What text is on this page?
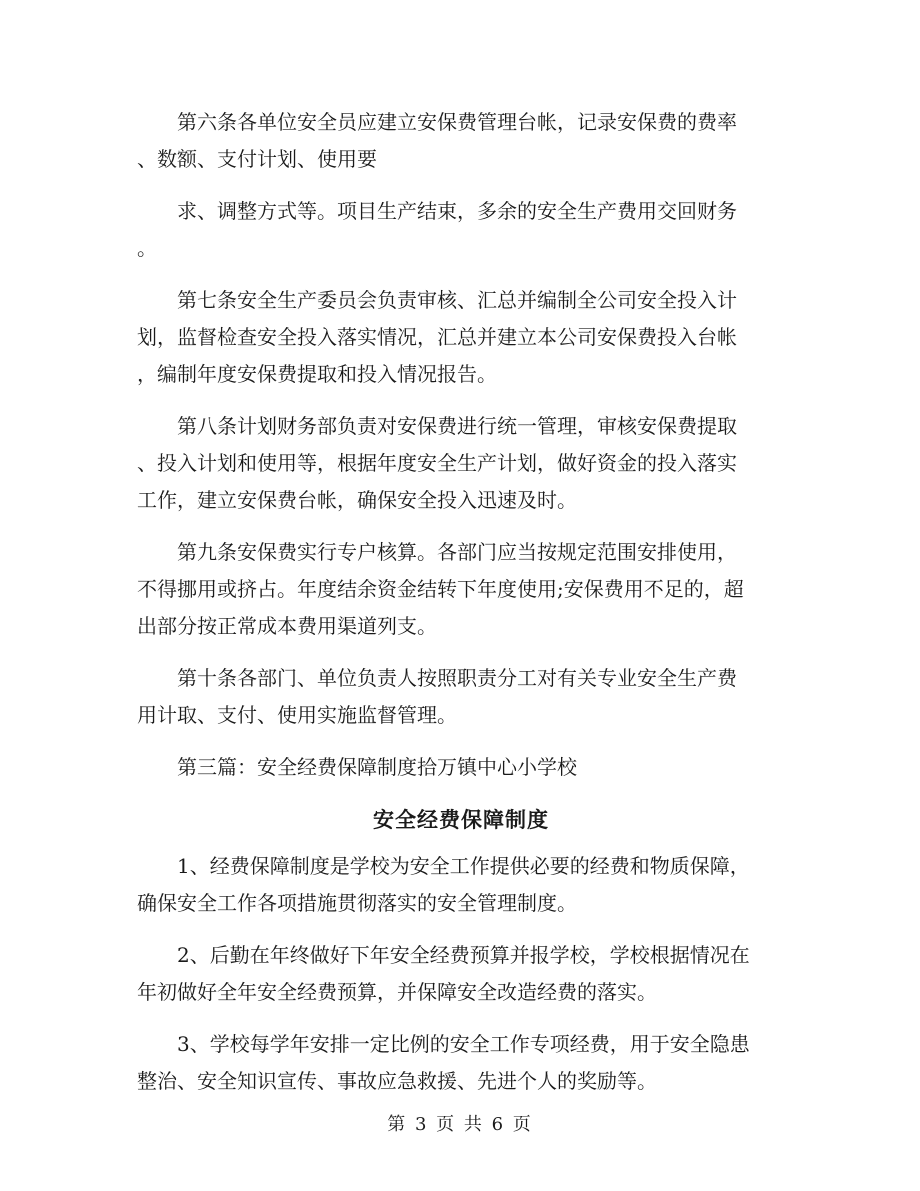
第六条各单位安全员应建立安保费管理台帐，记录安保费的费率
、数额、支付计划、使用要

求、调整方式等。项目生产结束，多余的安全生产费用交回财务
。

第七条安全生产委员会负责审核、汇总并编制全公司安全投入计
划，监督检查安全投入落实情况，汇总并建立本公司安保费投入台帐
，编制年度安保费提取和投入情况报告。

第八条计划财务部负责对安保费进行统一管理，审核安保费提取
、投入计划和使用等，根据年度安全生产计划，做好资金的投入落实
工作，建立安保费台帐，确保安全投入迅速及时。

第九条安保费实行专户核算。各部门应当按规定范围安排使用，
不得挪用或挤占。年度结余资金结转下年度使用;安保费用不足的，超
出部分按正常成本费用渠道列支。

第十条各部门、单位负责人按照职责分工对有关专业安全生产费
用计取、支付、使用实施监督管理。

第三篇：安全经费保障制度拾万镇中心小学校

安全经费保障制度

1、经费保障制度是学校为安全工作提供必要的经费和物质保障，
确保安全工作各项措施贯彻落实的安全管理制度。

2、后勤在年终做好下年安全经费预算并报学校，学校根据情况在
年初做好全年安全经费预算，并保障安全改造经费的落实。

3、学校每学年安排一定比例的安全工作专项经费，用于安全隐患
整治、安全知识宣传、事故应急救援、先进个人的奖励等。

第 3 页 共 6 页
